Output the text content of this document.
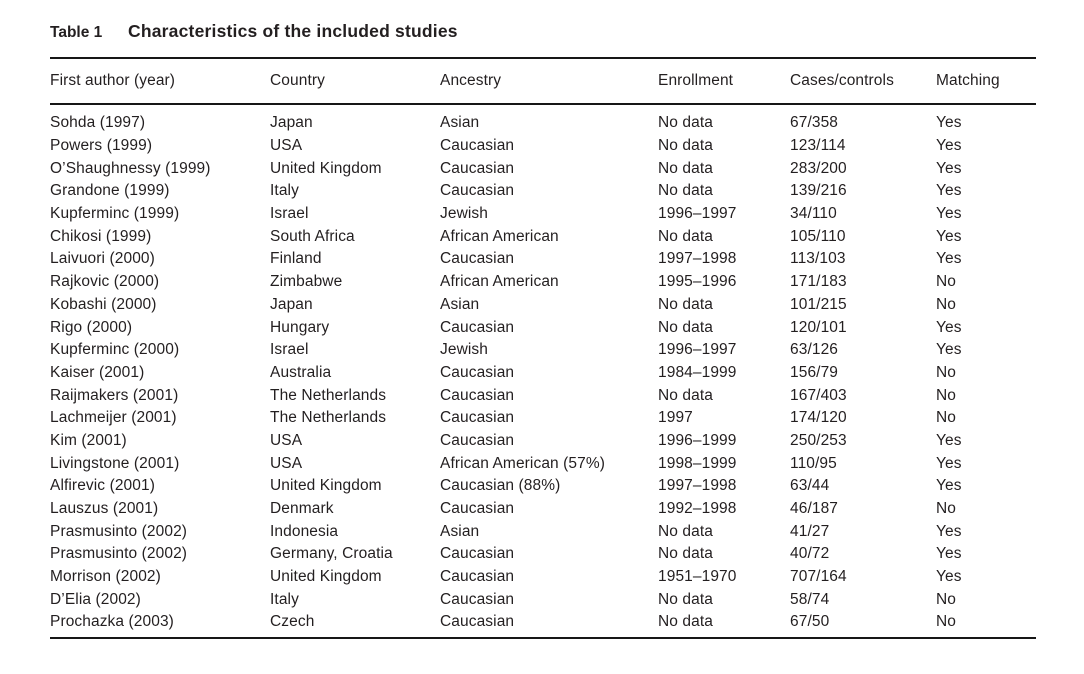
Table 1	Characteristics of the included studies
First author (year)	Country	Ancestry	Enrollment	Cases/controls	Matching
Sohda (1997)	Japan	Asian	No data	67/358	Yes
Powers (1999)	USA	Caucasian	No data	123/114	Yes
O’Shaughnessy (1999)	United Kingdom	Caucasian	No data	283/200	Yes
Grandone (1999)	Italy	Caucasian	No data	139/216	Yes
Kupferminc (1999)	Israel	Jewish	1996–1997	34/110	Yes
Chikosi (1999)	South Africa	African American	No data	105/110	Yes
Laivuori (2000)	Finland	Caucasian	1997–1998	113/103	Yes
Rajkovic (2000)	Zimbabwe	African American	1995–1996	171/183	No
Kobashi (2000)	Japan	Asian	No data	101/215	No
Rigo (2000)	Hungary	Caucasian	No data	120/101	Yes
Kupferminc (2000)	Israel	Jewish	1996–1997	63/126	Yes
Kaiser (2001)	Australia	Caucasian	1984–1999	156/79	No
Raijmakers (2001)	The Netherlands	Caucasian	No data	167/403	No
Lachmeijer (2001)	The Netherlands	Caucasian	1997	174/120	No
Kim (2001)	USA	Caucasian	1996–1999	250/253	Yes
Livingstone (2001)	USA	African American (57%)	1998–1999	110/95	Yes
Alfirevic (2001)	United Kingdom	Caucasian (88%)	1997–1998	63/44	Yes
Lauszus (2001)	Denmark	Caucasian	1992–1998	46/187	No
Prasmusinto (2002)	Indonesia	Asian	No data	41/27	Yes
Prasmusinto (2002)	Germany, Croatia	Caucasian	No data	40/72	Yes
Morrison (2002)	United Kingdom	Caucasian	1951–1970	707/164	Yes
D’Elia (2002)	Italy	Caucasian	No data	58/74	No
Prochazka (2003)	Czech	Caucasian	No data	67/50	No
